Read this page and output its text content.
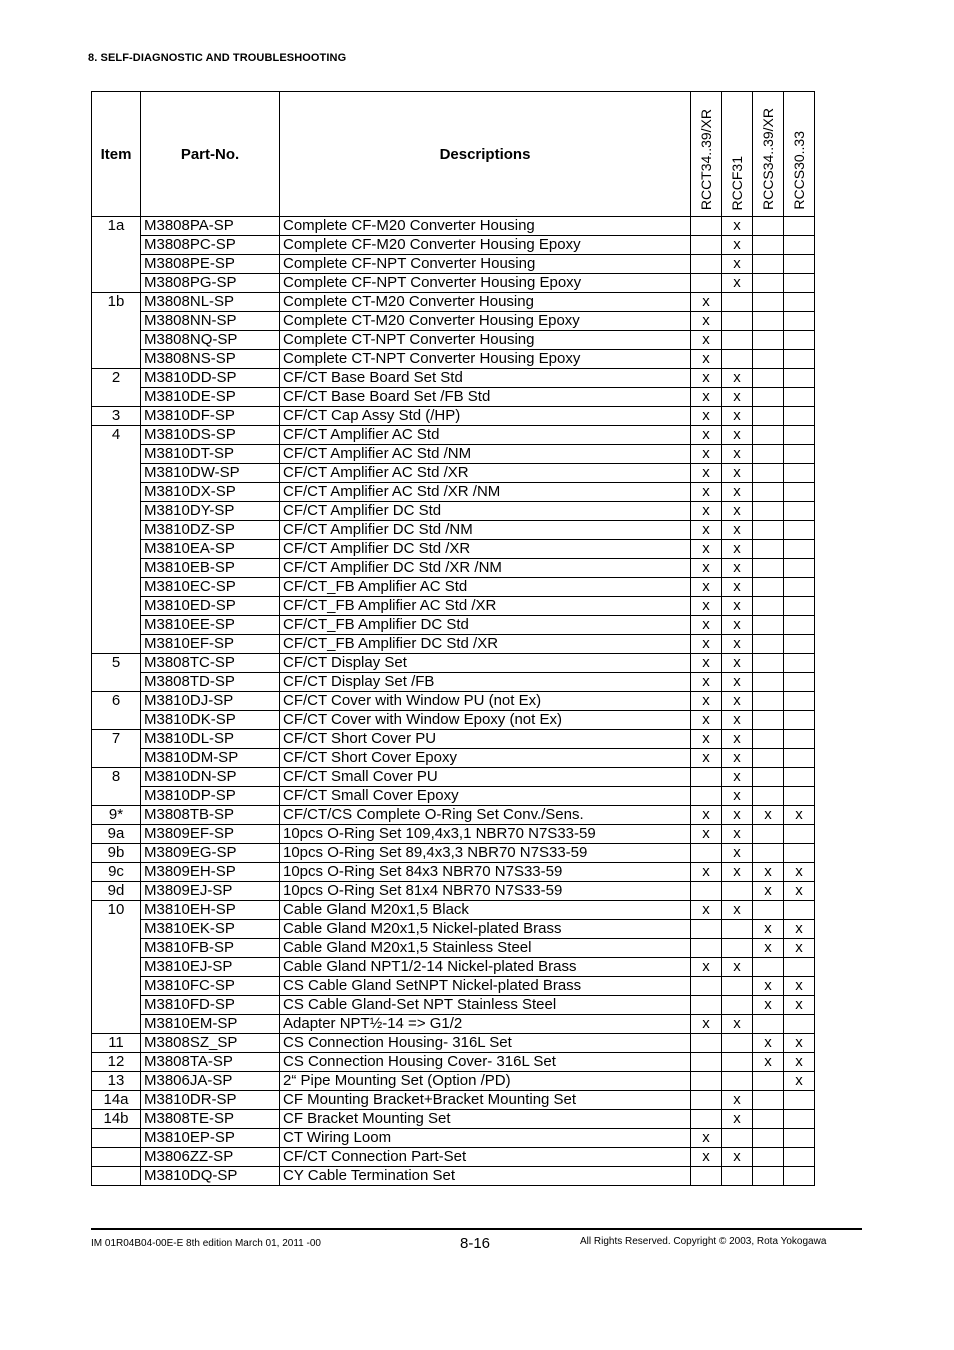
8. SELF-DIAGNOSTIC AND TROUBLESHOOTING
Item	Part-No.	Descriptions	RCCT34..39/XR	RCCF31	RCCS34..39/XR	RCCS30..33
1a	M3808PA-SP	Complete CF-M20 Converter Housing		x		
	M3808PC-SP	Complete CF-M20 Converter Housing Epoxy		x		
	M3808PE-SP	Complete CF-NPT Converter Housing		x		
	M3808PG-SP	Complete CF-NPT Converter Housing Epoxy		x		
1b	M3808NL-SP	Complete CT-M20 Converter Housing	x			
	M3808NN-SP	Complete CT-M20 Converter Housing Epoxy	x			
	M3808NQ-SP	Complete CT-NPT Converter Housing	x			
	M3808NS-SP	Complete CT-NPT Converter Housing Epoxy	x			
2	M3810DD-SP	CF/CT Base Board Set Std	x	x		
	M3810DE-SP	CF/CT Base Board Set /FB Std	x	x		
3	M3810DF-SP	CF/CT Cap Assy Std (/HP)	x	x		
4	M3810DS-SP	CF/CT Amplifier AC Std	x	x		
	M3810DT-SP	CF/CT Amplifier AC Std /NM	x	x		
	M3810DW-SP	CF/CT Amplifier AC Std /XR	x	x		
	M3810DX-SP	CF/CT Amplifier AC Std /XR /NM	x	x		
	M3810DY-SP	CF/CT Amplifier DC Std	x	x		
	M3810DZ-SP	CF/CT Amplifier DC Std /NM	x	x		
	M3810EA-SP	CF/CT Amplifier DC Std /XR	x	x		
	M3810EB-SP	CF/CT Amplifier DC Std /XR /NM	x	x		
	M3810EC-SP	CF/CT_FB Amplifier AC Std	x	x		
	M3810ED-SP	CF/CT_FB Amplifier AC Std /XR	x	x		
	M3810EE-SP	CF/CT_FB Amplifier DC Std	x	x		
	M3810EF-SP	CF/CT_FB Amplifier DC Std /XR	x	x		
5	M3808TC-SP	CF/CT Display Set	x	x		
	M3808TD-SP	CF/CT Display Set /FB	x	x		
6	M3810DJ-SP	CF/CT Cover with Window PU (not Ex)	x	x		
	M3810DK-SP	CF/CT Cover with Window Epoxy (not Ex)	x	x		
7	M3810DL-SP	CF/CT Short Cover PU	x	x		
	M3810DM-SP	CF/CT Short Cover Epoxy	x	x		
8	M3810DN-SP	CF/CT Small Cover PU		x		
	M3810DP-SP	CF/CT Small Cover Epoxy		x		
9*	M3808TB-SP	CF/CT/CS Complete O-Ring Set Conv./Sens.	x	x	x	x
9a	M3809EF-SP	10pcs O-Ring Set 109,4x3,1 NBR70 N7S33-59	x	x		
9b	M3809EG-SP	10pcs O-Ring Set 89,4x3,3 NBR70 N7S33-59		x		
9c	M3809EH-SP	10pcs O-Ring Set 84x3 NBR70 N7S33-59	x	x	x	x
9d	M3809EJ-SP	10pcs O-Ring Set 81x4 NBR70 N7S33-59			x	x
10	M3810EH-SP	Cable Gland M20x1,5 Black	x	x		
	M3810EK-SP	Cable Gland M20x1,5 Nickel-plated Brass			x	x
	M3810FB-SP	Cable Gland M20x1,5 Stainless Steel			x	x
	M3810EJ-SP	Cable Gland NPT1/2-14 Nickel-plated Brass	x	x		
	M3810FC-SP	CS Cable Gland SetNPT Nickel-plated Brass			x	x
	M3810FD-SP	CS Cable Gland-Set NPT Stainless Steel			x	x
	M3810EM-SP	Adapter NPT½-14 => G1/2	x	x		
11	M3808SZ_SP	CS Connection Housing- 316L Set			x	x
12	M3808TA-SP	CS Connection Housing Cover- 316L Set			x	x
13	M3806JA-SP	2“ Pipe Mounting Set (Option /PD)				x
14a	M3810DR-SP	CF Mounting Bracket+Bracket Mounting Set		x		
14b	M3808TE-SP	CF Bracket Mounting Set		x		
	M3810EP-SP	CT Wiring Loom	x			
	M3806ZZ-SP	CF/CT Connection Part-Set	x	x		
	M3810DQ-SP	CY Cable Termination Set				
IM 01R04B04-00E-E 8th edition March 01, 2011 -00	8-16	All Rights Reserved. Copyright © 2003, Rota Yokogawa
